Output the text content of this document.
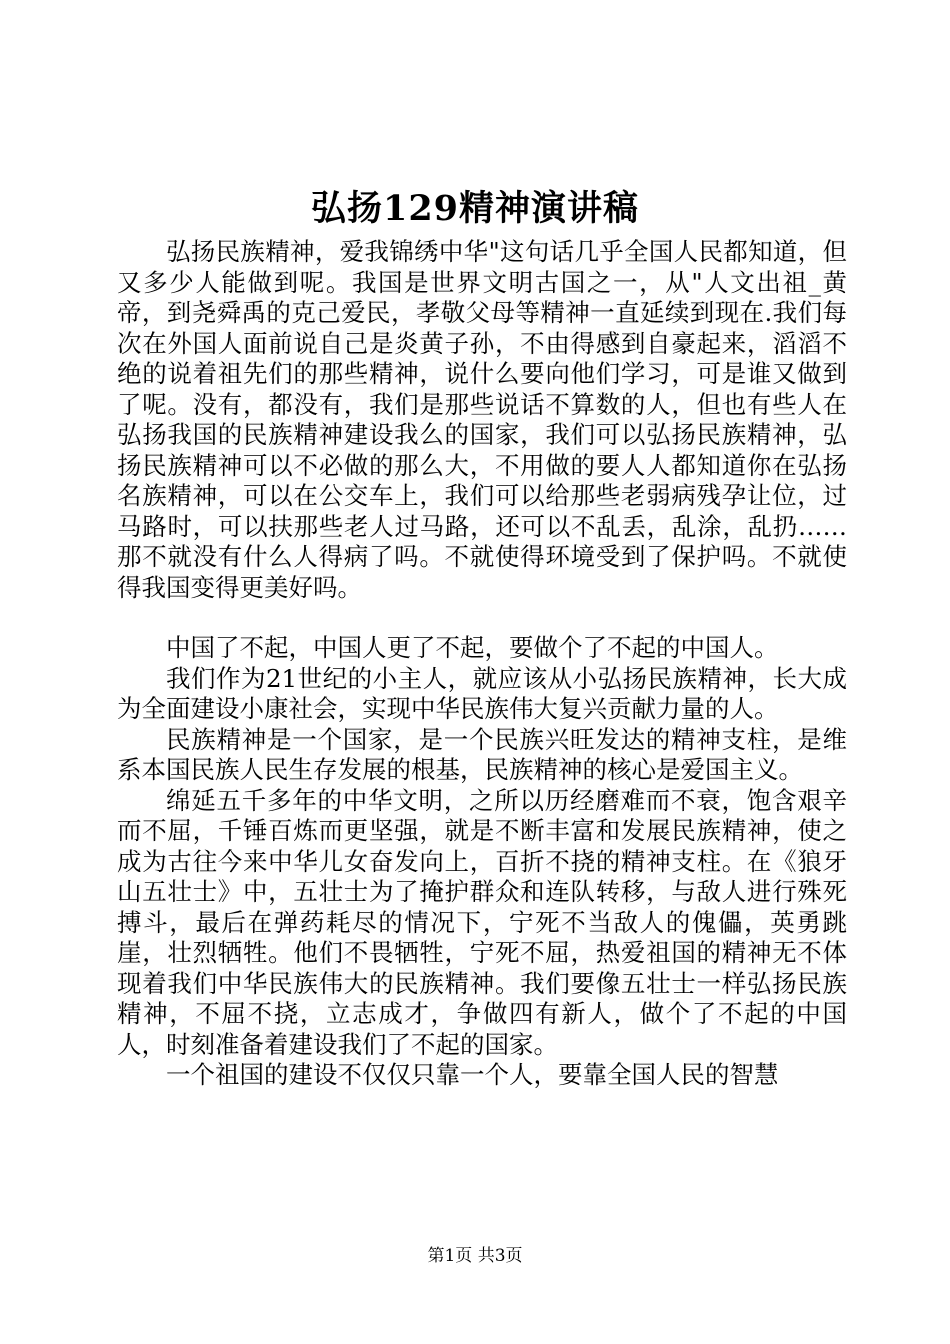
弘扬129精神演讲稿

弘扬民族精神，爱我锦绣中华"这句话几乎全国人民都知道，但又多少人能做到呢。我国是世界文明古国之一，从"人文出祖_黄帝，到尧舜禹的克己爱民，孝敬父母等精神一直延续到现在.我们每次在外国人面前说自己是炎黄子孙，不由得感到自豪起来，滔滔不绝的说着祖先们的那些精神，说什么要向他们学习，可是谁又做到了呢。没有，都没有，我们是那些说话不算数的人，但也有些人在弘扬我国的民族精神建设我么的国家，我们可以弘扬民族精神，弘扬民族精神可以不必做的那么大，不用做的要人人都知道你在弘扬名族精神，可以在公交车上，我们可以给那些老弱病残孕让位，过马路时，可以扶那些老人过马路，还可以不乱丢，乱涂，乱扔……那不就没有什么人得病了吗。不就使得环境受到了保护吗。不就使得我国变得更美好吗。

中国了不起，中国人更了不起，要做个了不起的中国人。

我们作为21世纪的小主人，就应该从小弘扬民族精神，长大成为全面建设小康社会，实现中华民族伟大复兴贡献力量的人。

民族精神是一个国家，是一个民族兴旺发达的精神支柱，是维系本国民族人民生存发展的根基，民族精神的核心是爱国主义。

绵延五千多年的中华文明，之所以历经磨难而不衰，饱含艰辛而不屈，千锤百炼而更坚强，就是不断丰富和发展民族精神，使之成为古往今来中华儿女奋发向上，百折不挠的精神支柱。在《狼牙山五壮士》中，五壮士为了掩护群众和连队转移，与敌人进行殊死搏斗，最后在弹药耗尽的情况下，宁死不当敌人的傀儡，英勇跳崖，壮烈牺牲。他们不畏牺牲，宁死不屈，热爱祖国的精神无不体现着我们中华民族伟大的民族精神。我们要像五壮士一样弘扬民族精神，不屈不挠，立志成才，争做四有新人，做个了不起的中国人，时刻准备着建设我们了不起的国家。

一个祖国的建设不仅仅只靠一个人，要靠全国人民的智慧

第1页 共3页
